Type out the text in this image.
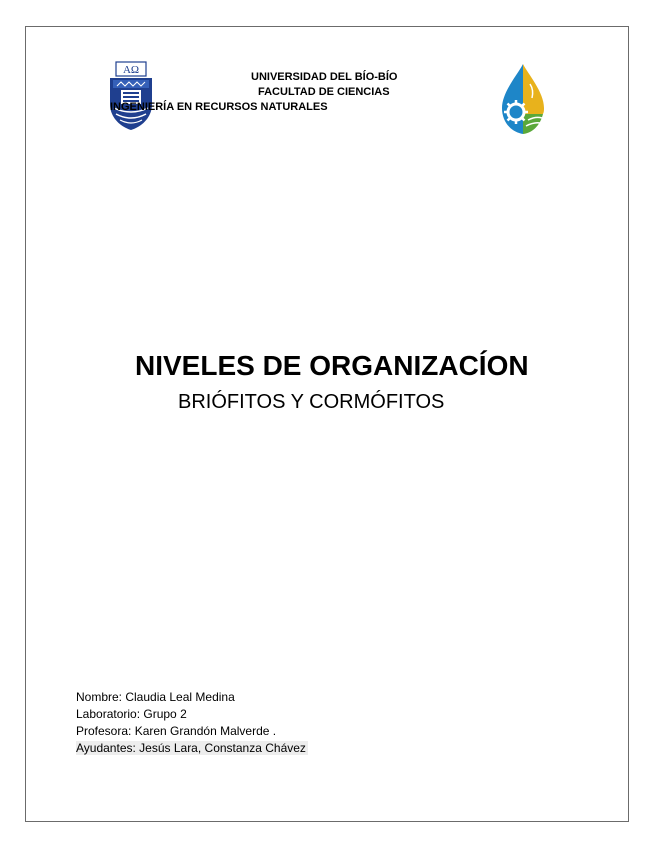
AΩ
UNIVERSIDAD DEL BÍO-BÍO
FACULTAD DE CIENCIAS
INGENIERÍA EN RECURSOS NATURALES
NIVELES DE ORGANIZACÍON
BRIÓFITOS Y CORMÓFITOS
Nombre: Claudia Leal Medina
Laboratorio: Grupo 2
Profesora: Karen Grandón Malverde .
Ayudantes: Jesús Lara, Constanza Chávez
